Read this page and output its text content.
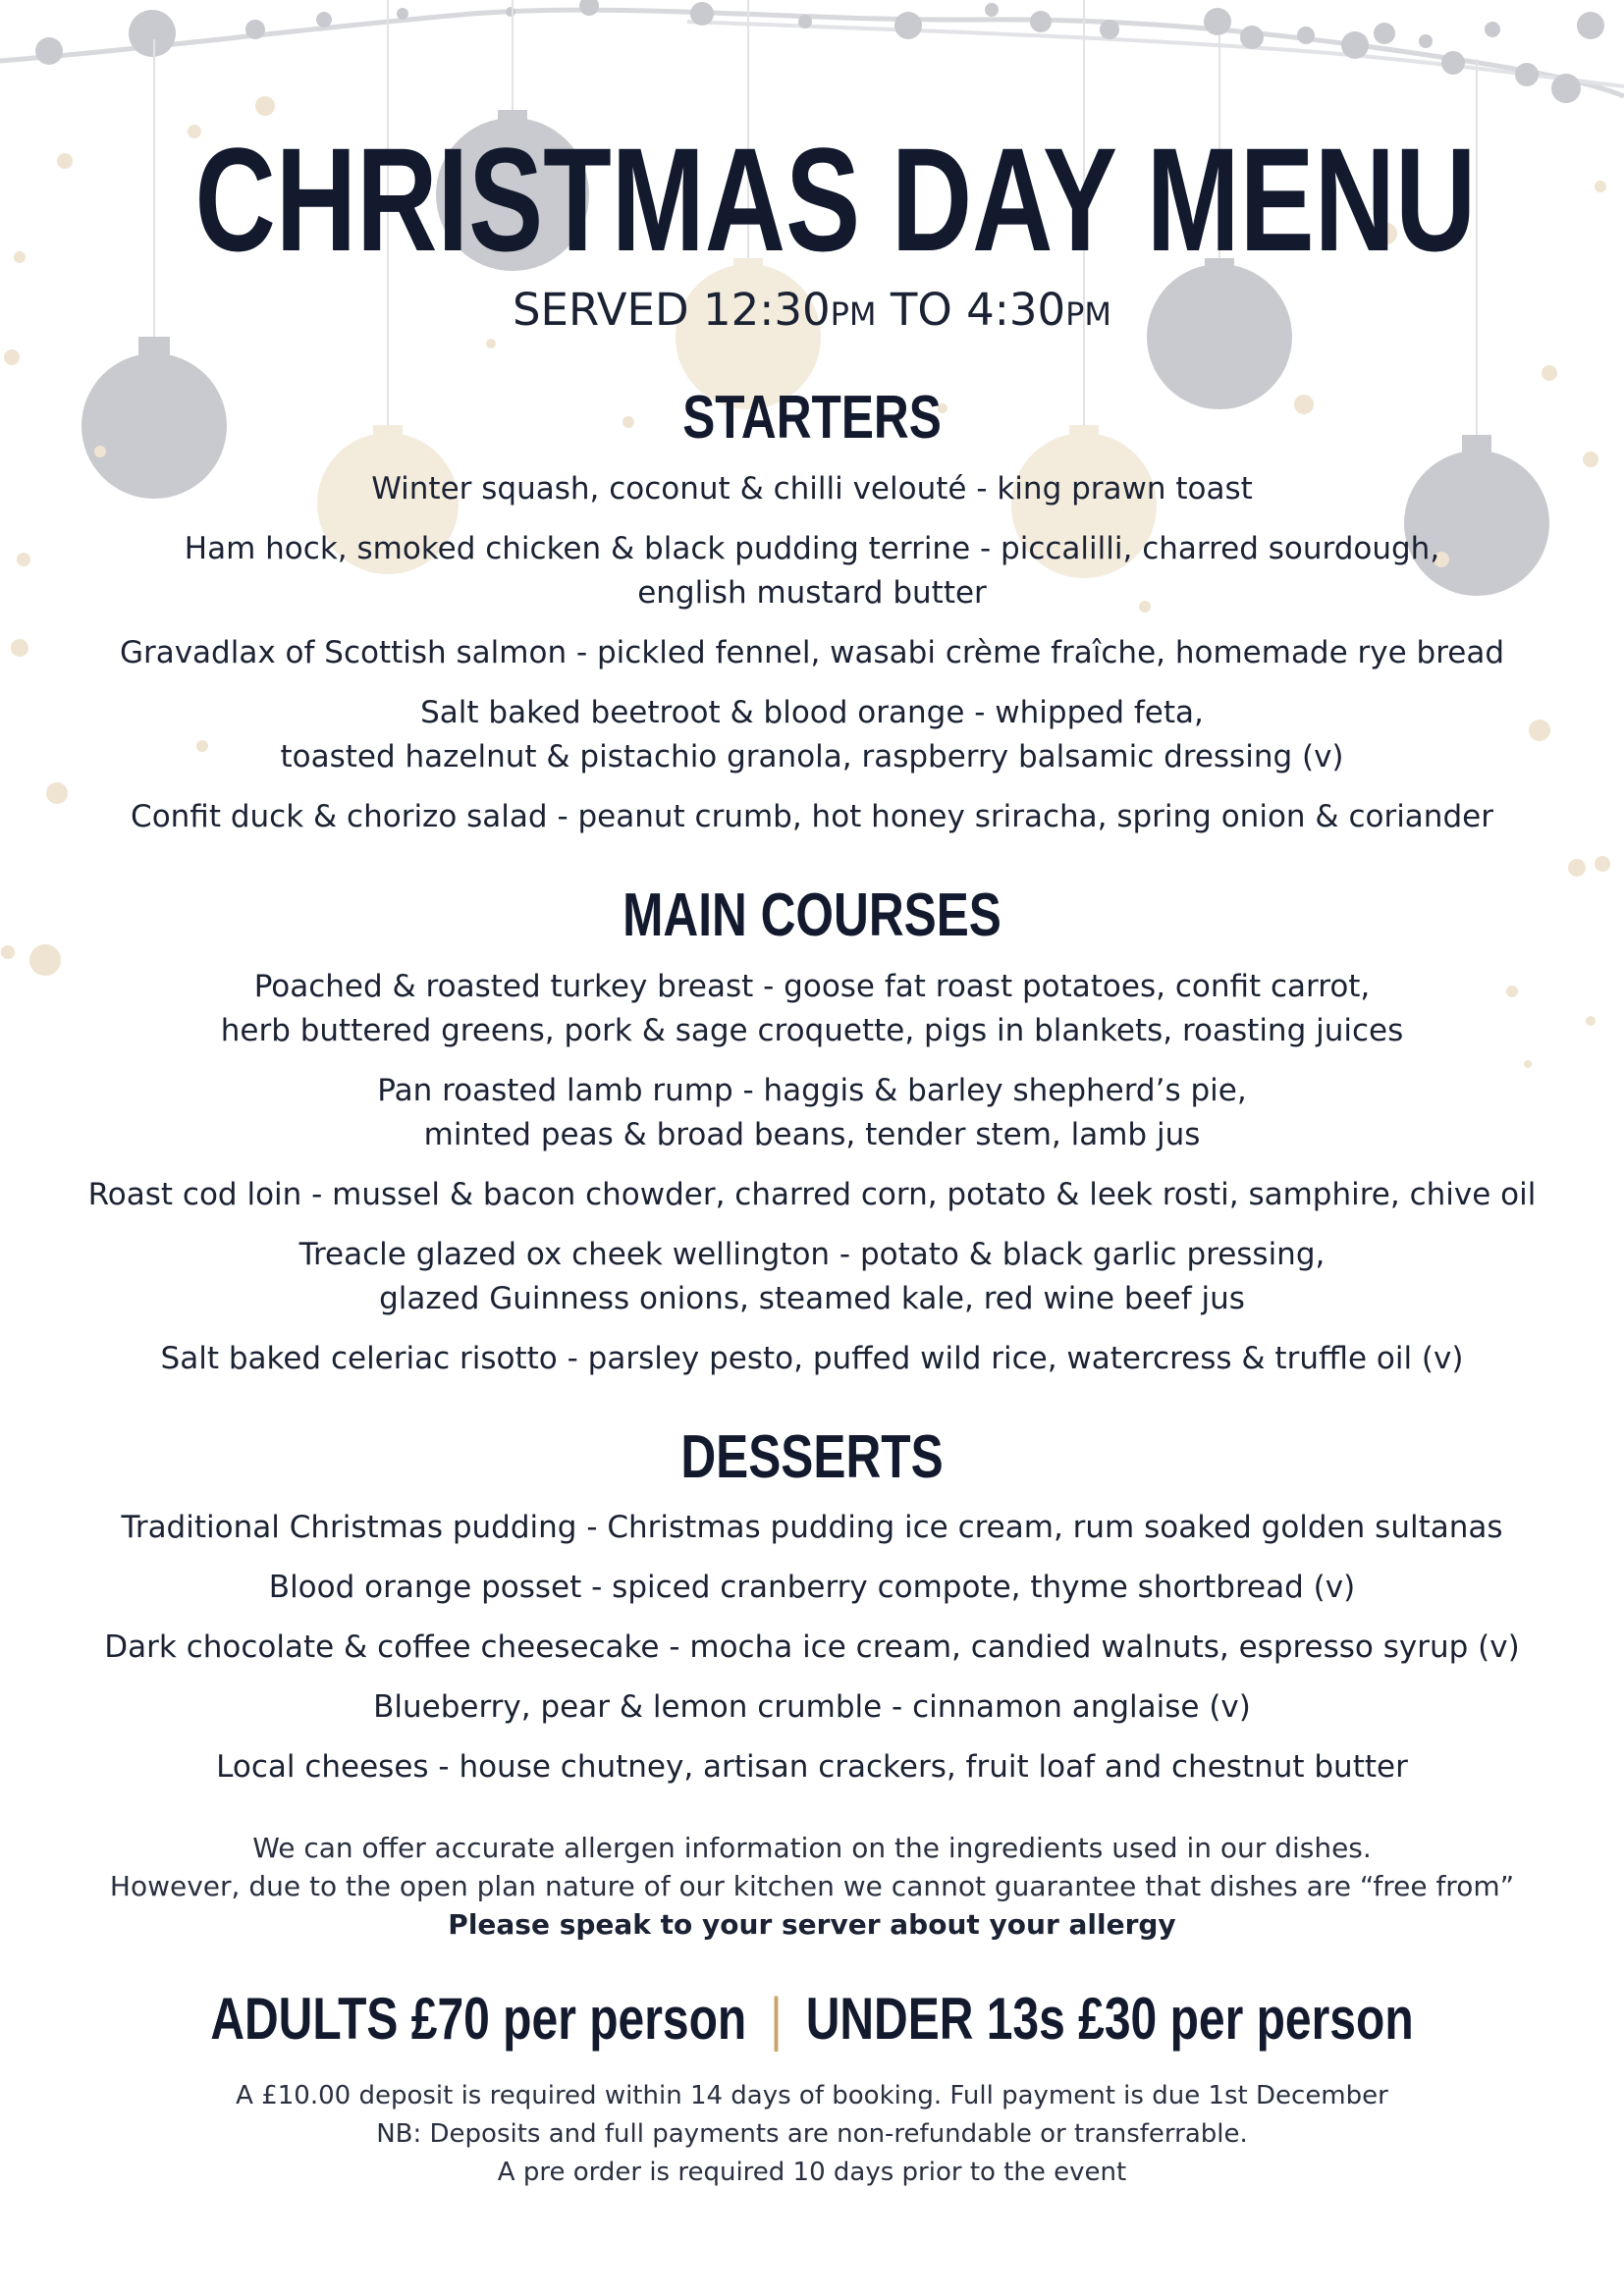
CHRISTMAS DAY MENU
SERVED 12:30PM TO 4:30PM
STARTERS
Winter squash, coconut & chilli velouté - king prawn toast
Ham hock, smoked chicken & black pudding terrine - piccalilli, charred sourdough,
english mustard butter
Gravadlax of Scottish salmon - pickled fennel, wasabi crème fraîche, homemade rye bread
Salt baked beetroot & blood orange - whipped feta,
toasted hazelnut & pistachio granola, raspberry balsamic dressing (v)
Confit duck & chorizo salad - peanut crumb, hot honey sriracha, spring onion & coriander
MAIN COURSES
Poached & roasted turkey breast - goose fat roast potatoes, confit carrot,
herb buttered greens, pork & sage croquette, pigs in blankets, roasting juices
Pan roasted lamb rump - haggis & barley shepherd’s pie,
minted peas & broad beans, tender stem, lamb jus
Roast cod loin - mussel & bacon chowder, charred corn, potato & leek rosti, samphire, chive oil
Treacle glazed ox cheek wellington - potato & black garlic pressing,
glazed Guinness onions, steamed kale, red wine beef jus
Salt baked celeriac risotto - parsley pesto, puffed wild rice, watercress & truffle oil (v)
DESSERTS
Traditional Christmas pudding - Christmas pudding ice cream, rum soaked golden sultanas
Blood orange posset - spiced cranberry compote, thyme shortbread (v)
Dark chocolate & coffee cheesecake - mocha ice cream, candied walnuts, espresso syrup (v)
Blueberry, pear & lemon crumble - cinnamon anglaise (v)
Local cheeses - house chutney, artisan crackers, fruit loaf and chestnut butter
We can offer accurate allergen information on the ingredients used in our dishes.
However, due to the open plan nature of our kitchen we cannot guarantee that dishes are “free from”
Please speak to your server about your allergy
ADULTS £70 per person | UNDER 13s £30 per person
A £10.00 deposit is required within 14 days of booking. Full payment is due 1st December
NB: Deposits and full payments are non-refundable or transferrable.
A pre order is required 10 days prior to the event
